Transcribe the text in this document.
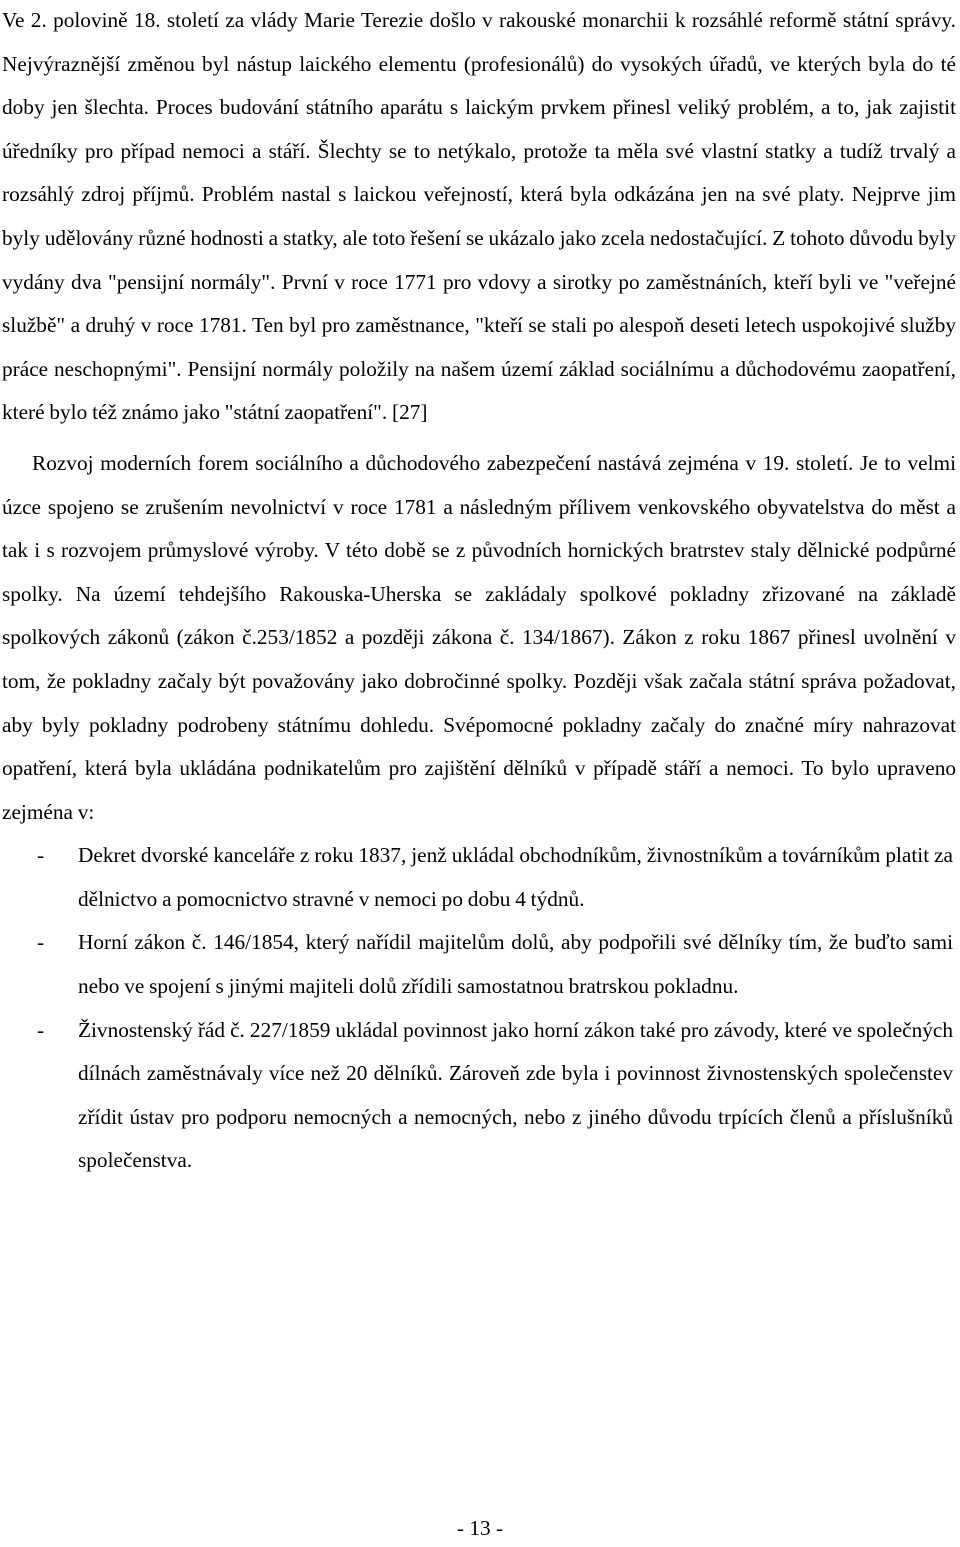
Ve 2. polovině 18. století za vlády Marie Terezie došlo v rakouské monarchii k rozsáhlé reformě státní správy. Nejvýraznější změnou byl nástup laického elementu (profesionálů) do vysokých úřadů, ve kterých byla do té doby jen šlechta. Proces budování státního aparátu s laickým prvkem přinesl veliký problém, a to, jak zajistit úředníky pro případ nemoci a stáří. Šlechty se to netýkalo, protože ta měla své vlastní statky a tudíž trvalý a rozsáhlý zdroj příjmů. Problém nastal s laickou veřejností, která byla odkázána jen na své platy. Nejprve jim byly udělovány různé hodnosti a statky, ale toto řešení se ukázalo jako zcela nedostačující. Z tohoto důvodu byly vydány dva "pensijní normály". První v roce 1771 pro vdovy a sirotky po zaměstnáních, kteří byli ve "veřejné službě" a druhý v roce 1781. Ten byl pro zaměstnance, "kteří se stali po alespoň deseti letech uspokojivé služby práce neschopnými". Pensijní normály položily na našem území základ sociálnímu a důchodovému zaopatření, které bylo též známo jako "státní zaopatření". [27]

Rozvoj moderních forem sociálního a důchodového zabezpečení nastává zejména v 19. století. Je to velmi úzce spojeno se zrušením nevolnictví v roce 1781 a následným přílivem venkovského obyvatelstva do měst a tak i s rozvojem průmyslové výroby. V této době se z původních hornických bratrstev staly dělnické podpůrné spolky. Na území tehdejšího Rakouska-Uherska se zakládaly spolkové pokladny zřizované na základě spolkových zákonů (zákon č.253/1852 a později zákona č. 134/1867). Zákon z roku 1867 přinesl uvolnění v tom, že pokladny začaly být považovány jako dobročinné spolky. Později však začala státní správa požadovat, aby byly pokladny podrobeny státnímu dohledu. Svépomocné pokladny začaly do značné míry nahrazovat opatření, která byla ukládána podnikatelům pro zajištění dělníků v případě stáří a nemoci. To bylo upraveno zejména v:

- Dekret dvorské kanceláře z roku 1837, jenž ukládal obchodníkům, živnostníkům a továrníkům platit za dělnictvo a pomocnictvo stravné v nemoci po dobu 4 týdnů.
- Horní zákon č. 146/1854, který nařídil majitelům dolů, aby podpořili své dělníky tím, že buďto sami nebo ve spojení s jinými majiteli dolů zřídili samostatnou bratrskou pokladnu.
- Živnostenský řád č. 227/1859 ukládal povinnost jako horní zákon také pro závody, které ve společných dílnách zaměstnávaly více než 20 dělníků. Zároveň zde byla i povinnost živnostenských společenstev zřídit ústav pro podporu nemocných a nemocných, nebo z jiného důvodu trpících členů a příslušníků společenstva.
- 13 -
